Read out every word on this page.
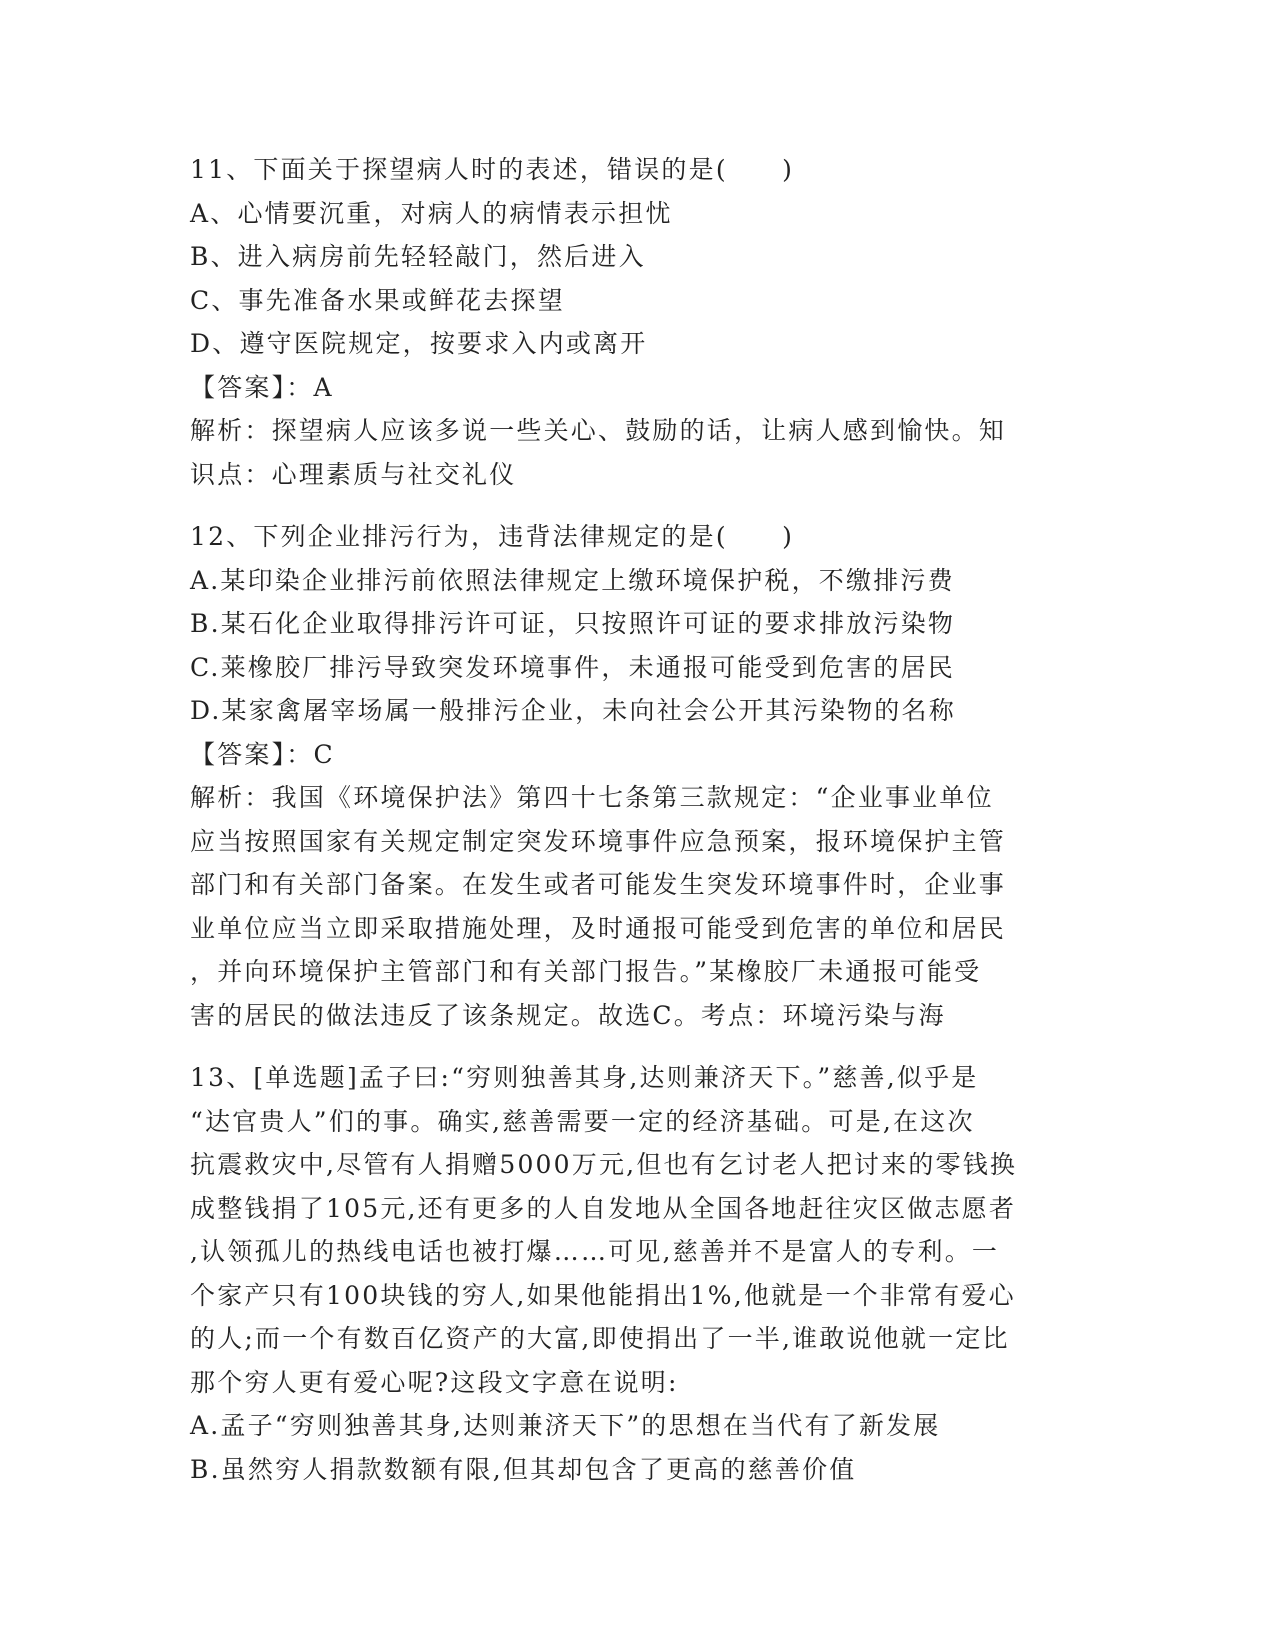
11、下面关于探望病人时的表述，错误的是(　　)
A、心情要沉重，对病人的病情表示担忧
B、进入病房前先轻轻敲门，然后进入
C、事先准备水果或鲜花去探望
D、遵守医院规定，按要求入内或离开
【答案】：A
解析：探望病人应该多说一些关心、鼓励的话，让病人感到愉快。知
识点：心理素质与社交礼仪
12、下列企业排污行为，违背法律规定的是(　　)
A.某印染企业排污前依照法律规定上缴环境保护税，不缴排污费
B.某石化企业取得排污许可证，只按照许可证的要求排放污染物
C.莱橡胶厂排污导致突发环境事件，未通报可能受到危害的居民
D.某家禽屠宰场属一般排污企业，未向社会公开其污染物的名称
【答案】：C
解析：我国《环境保护法》第四十七条第三款规定：“企业事业单位
应当按照国家有关规定制定突发环境事件应急预案，报环境保护主管
部门和有关部门备案。在发生或者可能发生突发环境事件时，企业事
业单位应当立即采取措施处理，及时通报可能受到危害的单位和居民
，并向环境保护主管部门和有关部门报告。”某橡胶厂未通报可能受
害的居民的做法违反了该条规定。故选C。考点：环境污染与海
13、[单选题]孟子曰:“穷则独善其身,达则兼济天下。”慈善,似乎是
“达官贵人”们的事。确实,慈善需要一定的经济基础。可是,在这次
抗震救灾中,尽管有人捐赠5000万元,但也有乞讨老人把讨来的零钱换
成整钱捐了105元,还有更多的人自发地从全国各地赶往灾区做志愿者
,认领孤儿的热线电话也被打爆……可见,慈善并不是富人的专利。一
个家产只有100块钱的穷人,如果他能捐出1%,他就是一个非常有爱心
的人;而一个有数百亿资产的大富,即使捐出了一半,谁敢说他就一定比
那个穷人更有爱心呢?这段文字意在说明:
A.孟子“穷则独善其身,达则兼济天下”的思想在当代有了新发展
B.虽然穷人捐款数额有限,但其却包含了更高的慈善价值
